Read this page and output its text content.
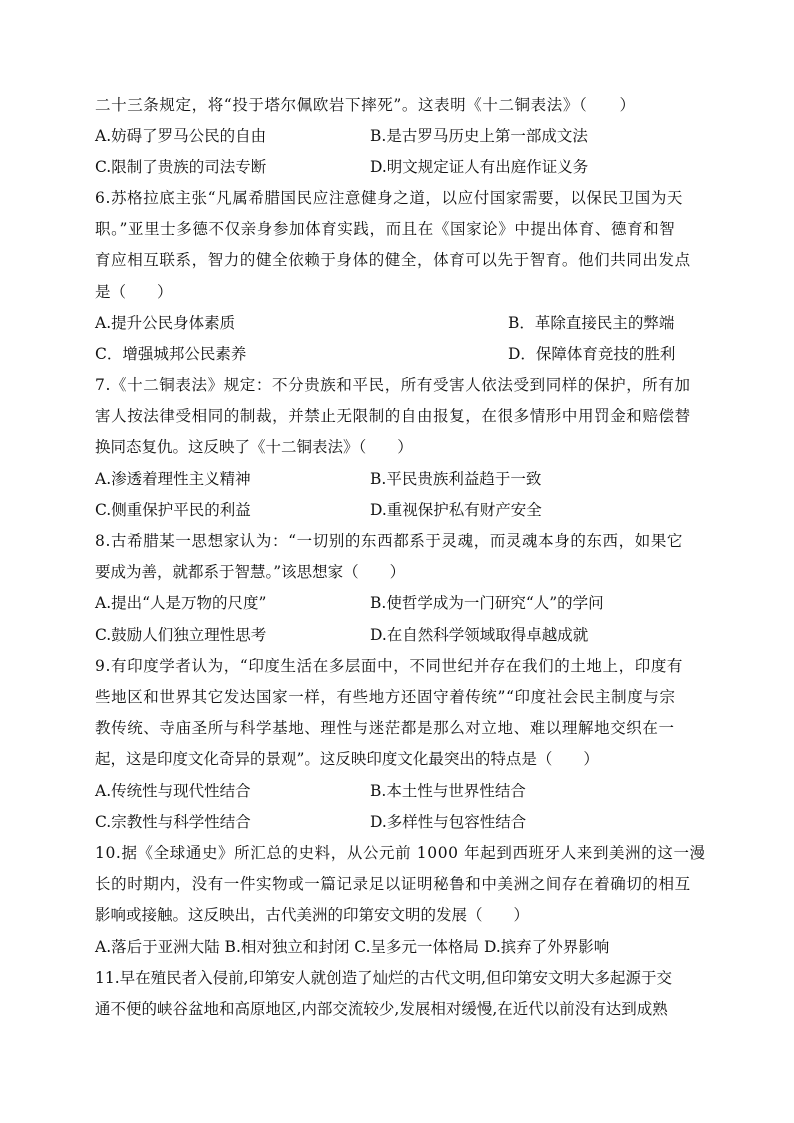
二十三条规定，将“投于塔尔佩欧岩下摔死”。这表明《十二铜表法》（　　）
A.妨碍了罗马公民的自由	B.是古罗马历史上第一部成文法
C.限制了贵族的司法专断	D.明文规定证人有出庭作证义务
6.苏格拉底主张“凡属希腊国民应注意健身之道，以应付国家需要，以保民卫国为天
职。”亚里士多德不仅亲身参加体育实践，而且在《国家论》中提出体育、德育和智
育应相互联系，智力的健全依赖于身体的健全，体育可以先于智育。他们共同出发点
是（　　）
A.提升公民身体素质	B．革除直接民主的弊端
C．增强城邦公民素养	D．保障体育竞技的胜利
7.《十二铜表法》规定：不分贵族和平民，所有受害人依法受到同样的保护，所有加
害人按法律受相同的制裁，并禁止无限制的自由报复，在很多情形中用罚金和赔偿替
换同态复仇。这反映了《十二铜表法》（　　）
A.渗透着理性主义精神	B.平民贵族利益趋于一致
C.侧重保护平民的利益	D.重视保护私有财产安全
8.古希腊某一思想家认为：“一切别的东西都系于灵魂，而灵魂本身的东西，如果它
要成为善，就都系于智慧。”该思想家（　　）
A.提出“人是万物的尺度”	B.使哲学成为一门研究“人”的学问
C.鼓励人们独立理性思考	D.在自然科学领域取得卓越成就
9.有印度学者认为，“印度生活在多层面中，不同世纪并存在我们的土地上，印度有
些地区和世界其它发达国家一样，有些地方还固守着传统”“印度社会民主制度与宗
教传统、寺庙圣所与科学基地、理性与迷茫都是那么对立地、难以理解地交织在一
起，这是印度文化奇异的景观”。这反映印度文化最突出的特点是（　　）
A.传统性与现代性结合	B.本土性与世界性结合
C.宗教性与科学性结合	D.多样性与包容性结合
10.据《全球通史》所汇总的史料，从公元前 1000 年起到西班牙人来到美洲的这一漫
长的时期内，没有一件实物或一篇记录足以证明秘鲁和中美洲之间存在着确切的相互
影响或接触。这反映出，古代美洲的印第安文明的发展（　　）
A.落后于亚洲大陆 B.相对独立和封闭 C.呈多元一体格局 D.摈弃了外界影响
11.早在殖民者入侵前,印第安人就创造了灿烂的古代文明,但印第安文明大多起源于交
通不便的峡谷盆地和高原地区,内部交流较少,发展相对缓慢,在近代以前没有达到成熟
